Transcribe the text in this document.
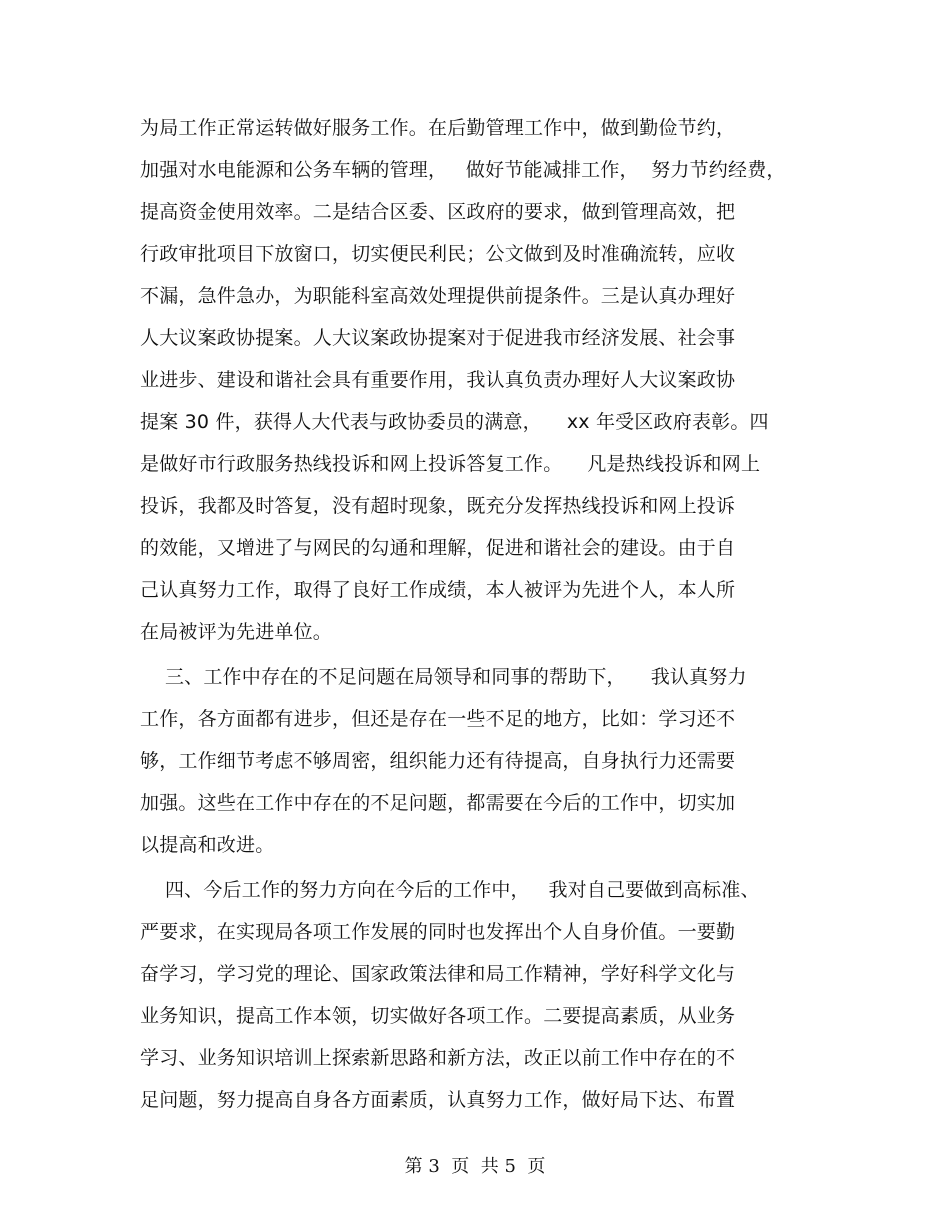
为局工作正常运转做好服务工作。在后勤管理工作中，做到勤俭节约，
加强对水电能源和公务车辆的管理，   做好节能减排工作，  努力节约经费，
提高资金使用效率。二是结合区委、区政府的要求，做到管理高效，把
行政审批项目下放窗口，切实便民利民；公文做到及时准确流转，应收
不漏，急件急办，为职能科室高效处理提供前提条件。三是认真办理好
人大议案政协提案。人大议案政协提案对于促进我市经济发展、社会事
业进步、建设和谐社会具有重要作用，我认真负责办理好人大议案政协
提案 30 件，获得人大代表与政协委员的满意，    xx 年受区政府表彰。四
是做好市行政服务热线投诉和网上投诉答复工作。    凡是热线投诉和网上
投诉，我都及时答复，没有超时现象，既充分发挥热线投诉和网上投诉
的效能，又增进了与网民的勾通和理解，促进和谐社会的建设。由于自
己认真努力工作，取得了良好工作成绩，本人被评为先进个人，本人所
在局被评为先进单位。
三、工作中存在的不足问题在局领导和同事的帮助下，    我认真努力
工作，各方面都有进步，但还是存在一些不足的地方，比如：学习还不
够，工作细节考虑不够周密，组织能力还有待提高，自身执行力还需要
加强。这些在工作中存在的不足问题，都需要在今后的工作中，切实加
以提高和改进。
四、今后工作的努力方向在今后的工作中，   我对自己要做到高标准、
严要求，在实现局各项工作发展的同时也发挥出个人自身价值。一要勤
奋学习，学习党的理论、国家政策法律和局工作精神，学好科学文化与
业务知识，提高工作本领，切实做好各项工作。二要提高素质，从业务
学习、业务知识培训上探索新思路和新方法，改正以前工作中存在的不
足问题，努力提高自身各方面素质，认真努力工作，做好局下达、布置
第 3  页  共 5  页
